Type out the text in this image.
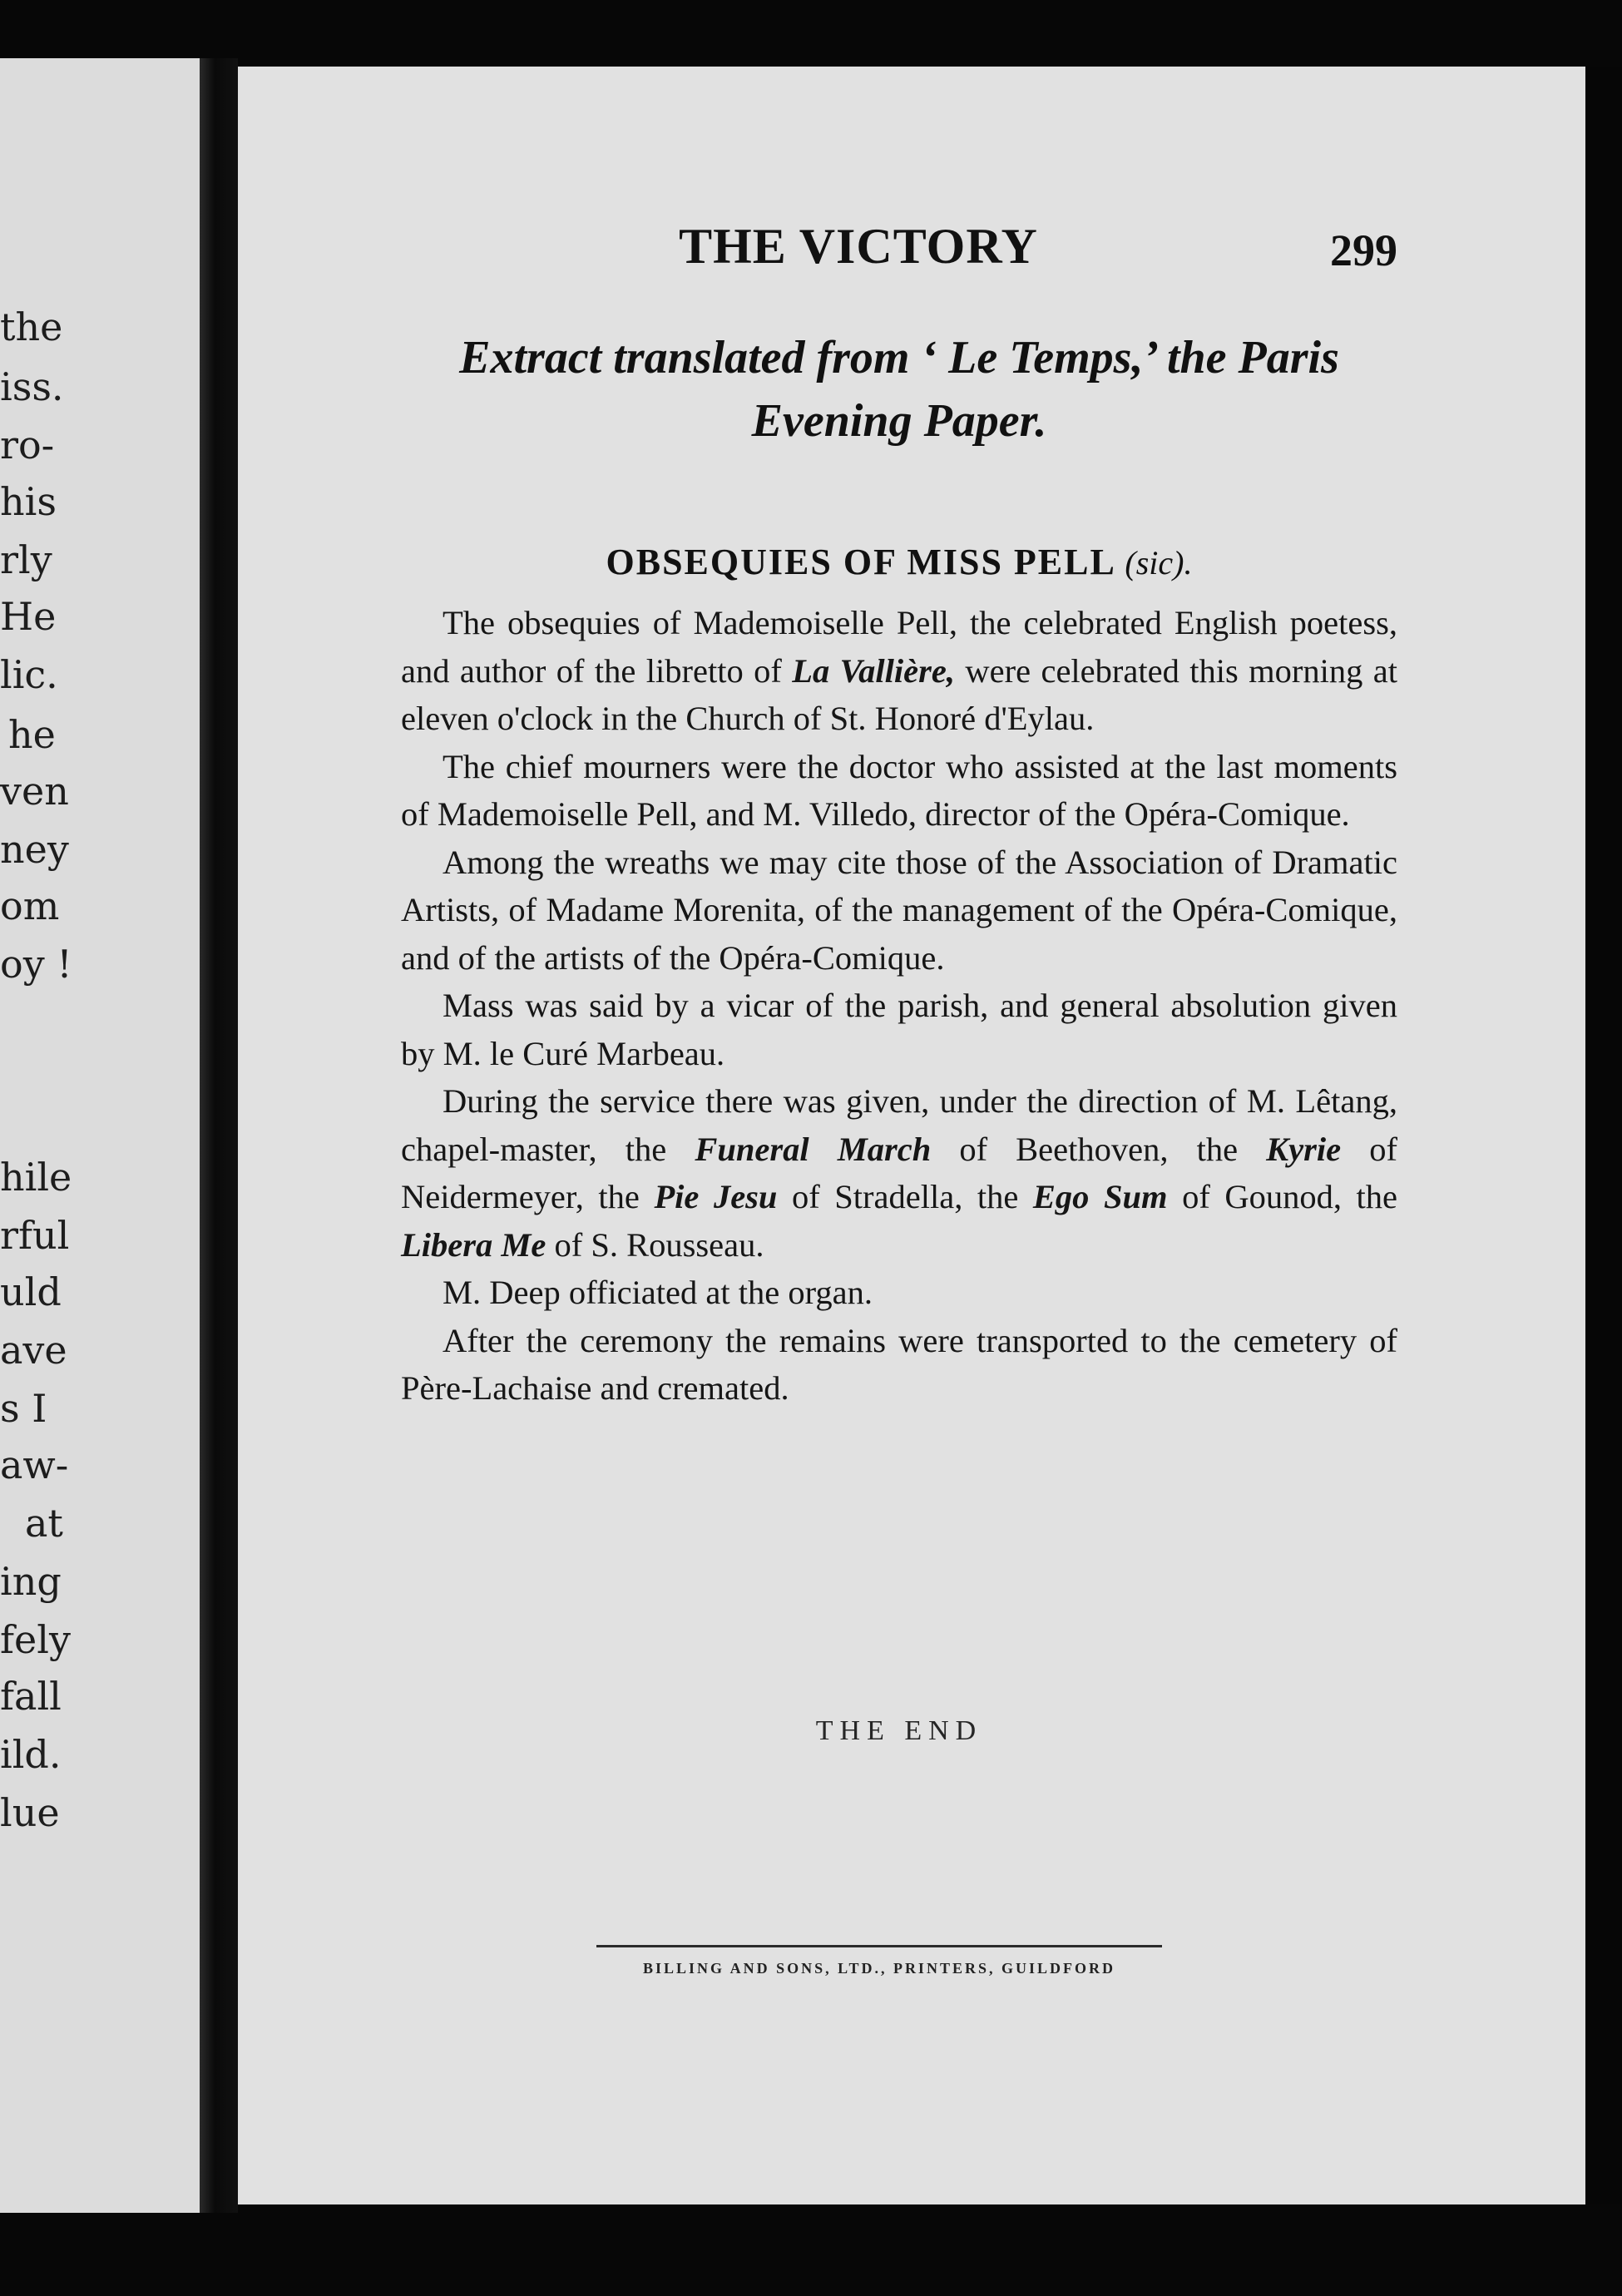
the
iss.
ro-
his
rly
He
lic.
he
ven
ney
om
oy !
hile
rful
uld
ave
s I
aw-
at
ing
fely
fall
ild.
lue
THE VICTORY	299
Extract translated from ‘ Le Temps,’ the Paris
Evening Paper.
OBSEQUIES OF MISS PELL (sic).

The obsequies of Mademoiselle Pell, the celebrated English poetess, and author of the libretto of La Vallière, were celebrated this morning at eleven o'clock in the Church of St. Honoré d'Eylau.

The chief mourners were the doctor who assisted at the last moments of Mademoiselle Pell, and M. Villedo, director of the Opéra-Comique.

Among the wreaths we may cite those of the Association of Dramatic Artists, of Madame Morenita, of the management of the Opéra-Comique, and of the artists of the Opéra-Comique.

Mass was said by a vicar of the parish, and general absolution given by M. le Curé Marbeau.

During the service there was given, under the direction of M. Lêtang, chapel-master, the Funeral March of Beethoven, the Kyrie of Neidermeyer, the Pie Jesu of Stradella, the Ego Sum of Gounod, the Libera Me of S. Rousseau.

M. Deep officiated at the organ.

After the ceremony the remains were transported to the cemetery of Père-Lachaise and cremated.

THE END
BILLING AND SONS, LTD., PRINTERS, GUILDFORD
